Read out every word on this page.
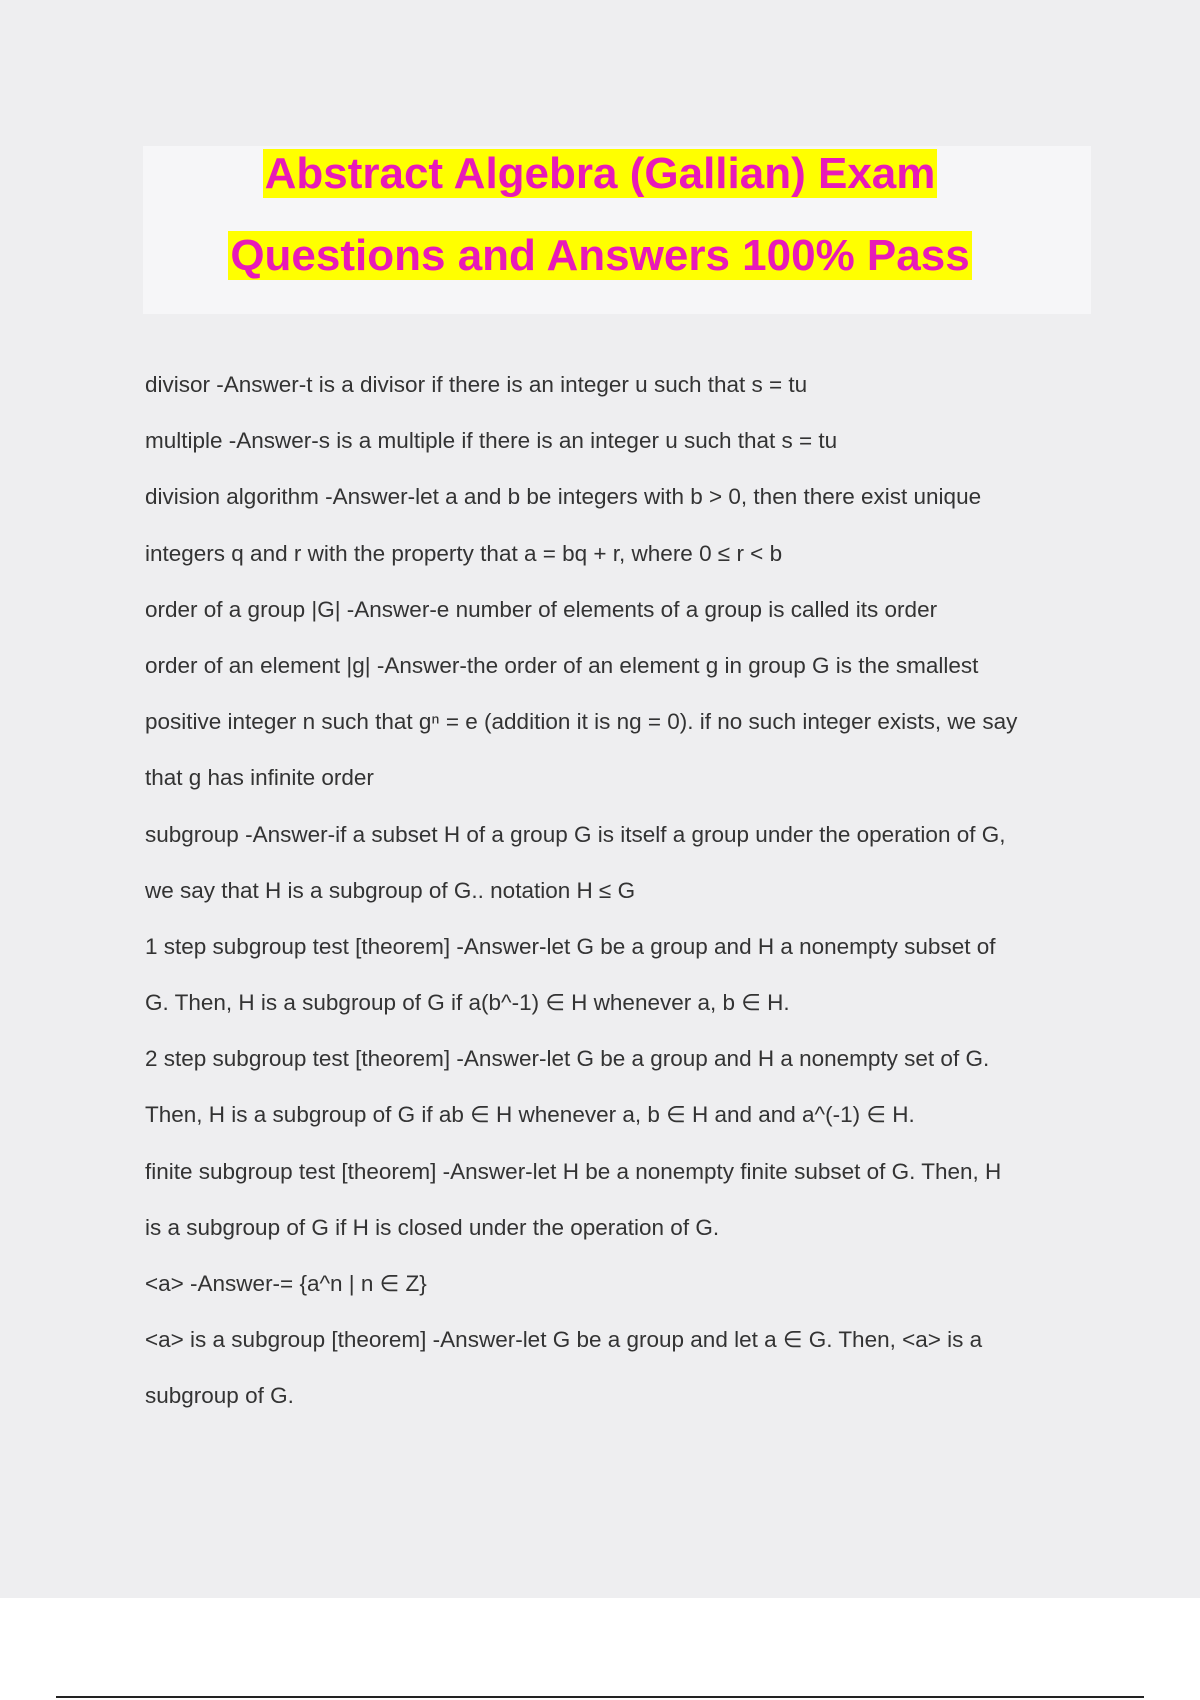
Abstract Algebra (Gallian) Exam
Questions and Answers 100% Pass
divisor -Answer-t is a divisor if there is an integer u such that s = tu
multiple -Answer-s is a multiple if there is an integer u such that s = tu
division algorithm -Answer-let a and b be integers with b > 0, then there exist unique
integers q and r with the property that a = bq + r, where 0 ≤ r < b
order of a group |G| -Answer-e number of elements of a group is called its order
order of an element |g| -Answer-the order of an element g in group G is the smallest
positive integer n such that gⁿ = e (addition it is ng = 0). if no such integer exists, we say
that g has infinite order
subgroup -Answer-if a subset H of a group G is itself a group under the operation of G,
we say that H is a subgroup of G.. notation H ≤ G
1 step subgroup test [theorem] -Answer-let G be a group and H a nonempty subset of
G. Then, H is a subgroup of G if a(b^-1) ∈ H whenever a, b ∈ H.
2 step subgroup test [theorem] -Answer-let G be a group and H a nonempty set of G.
Then, H is a subgroup of G if ab ∈ H whenever a, b ∈ H and and a^(-1) ∈ H.
finite subgroup test [theorem] -Answer-let H be a nonempty finite subset of G. Then, H
is a subgroup of G if H is closed under the operation of G.
<a> -Answer-= {a^n | n ∈ Z}
<a> is a subgroup [theorem] -Answer-let G be a group and let a ∈ G. Then, <a> is a
subgroup of G.
